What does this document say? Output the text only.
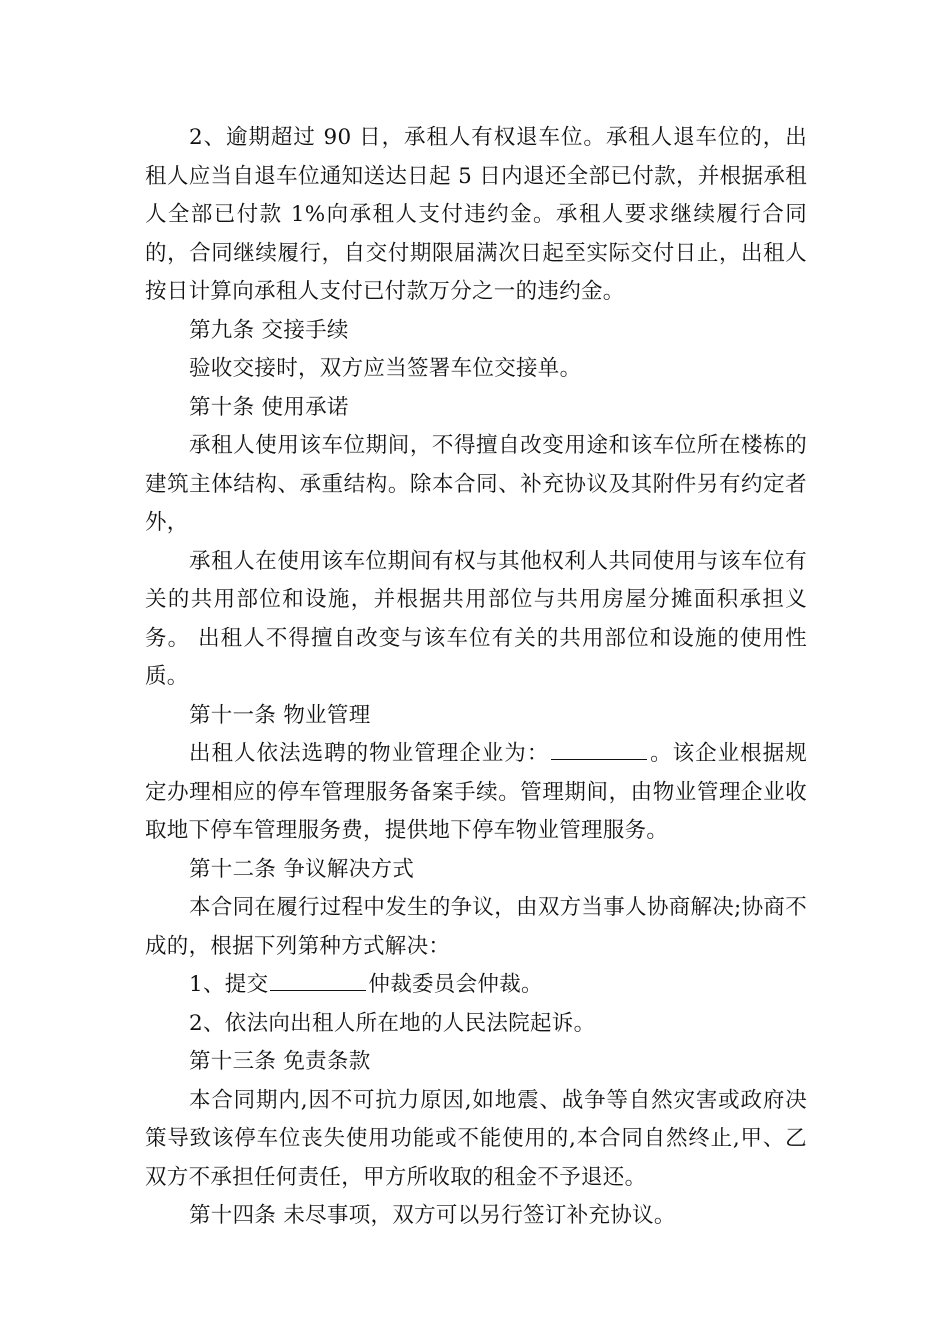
2、逾期超过 90 日，承租人有权退车位。承租人退车位的，出租人应当自退车位通知送达日起 5 日内退还全部已付款，并根据承租人全部已付款 1%向承租人支付违约金。承租人要求继续履行合同的，合同继续履行，自交付期限届满次日起至实际交付日止，出租人按日计算向承租人支付已付款万分之一的违约金。

第九条 交接手续

验收交接时，双方应当签署车位交接单。

第十条 使用承诺

承租人使用该车位期间，不得擅自改变用途和该车位所在楼栋的建筑主体结构、承重结构。除本合同、补充协议及其附件另有约定者外，

承租人在使用该车位期间有权与其他权利人共同使用与该车位有关的共用部位和设施，并根据共用部位与共用房屋分摊面积承担义务。 出租人不得擅自改变与该车位有关的共用部位和设施的使用性质。

第十一条 物业管理

出租人依法选聘的物业管理企业为：	。该企业根据规定办理相应的停车管理服务备案手续。管理期间，由物业管理企业收取地下停车管理服务费，提供地下停车物业管理服务。

第十二条 争议解决方式

本合同在履行过程中发生的争议，由双方当事人协商解决;协商不成的，根据下列第种方式解决：

1、提交	仲裁委员会仲裁。

2、依法向出租人所在地的人民法院起诉。

第十三条 免责条款

本合同期内,因不可抗力原因,如地震、战争等自然灾害或政府决策导致该停车位丧失使用功能或不能使用的,本合同自然终止,甲、乙双方不承担任何责任，甲方所收取的租金不予退还。

第十四条 未尽事项，双方可以另行签订补充协议。
